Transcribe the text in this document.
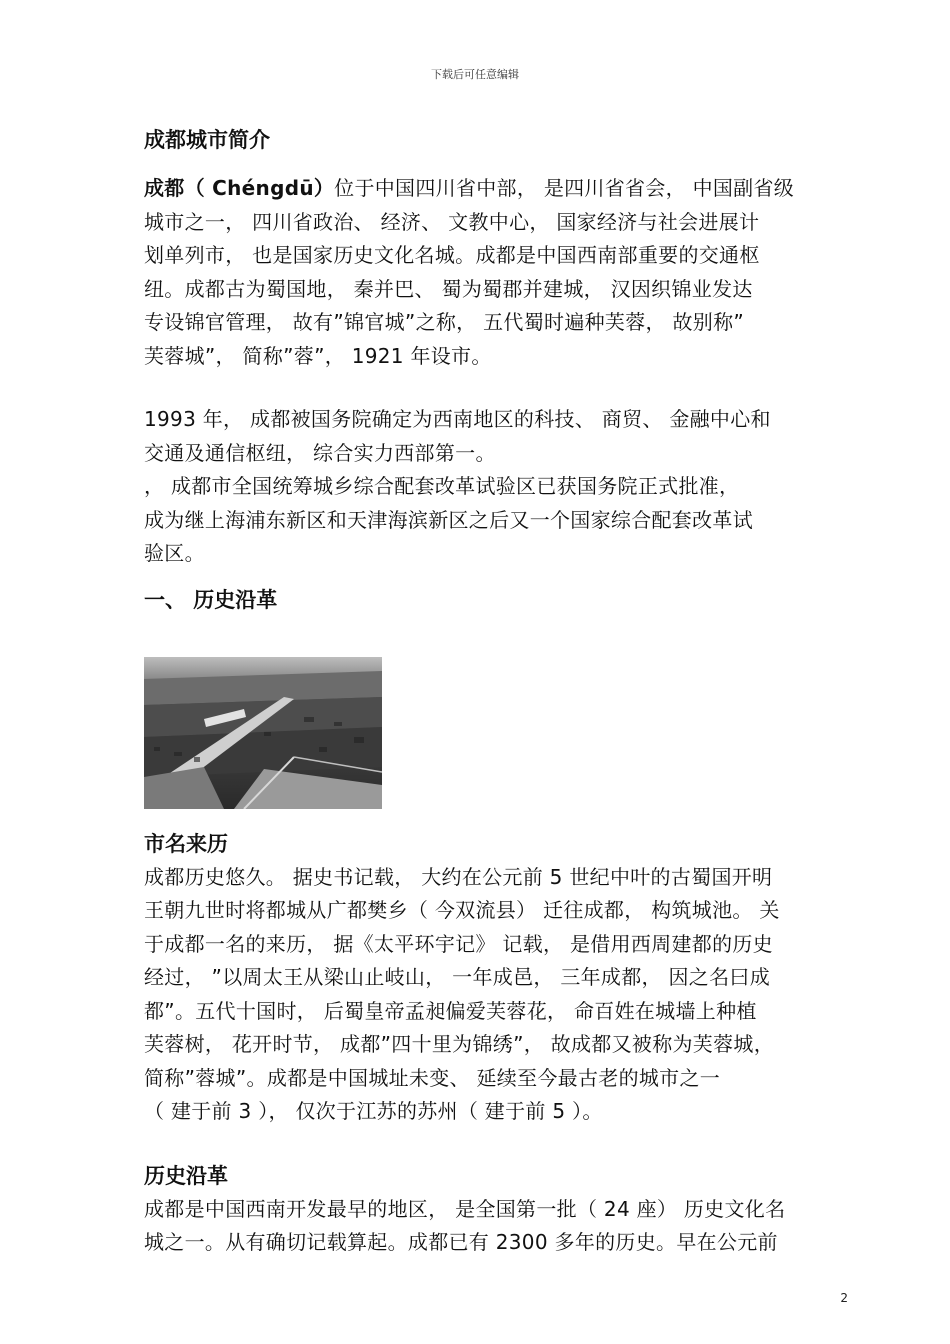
下载后可任意编辑
成都城市简介

成都（ Chéngdū）位于中国四川省中部， 是四川省省会， 中国副省级

城市之一， 四川省政治、 经济、 文教中心， 国家经济与社会进展计

划单列市， 也是国家历史文化名城。成都是中国西南部重要的交通枢

纽。成都古为蜀国地， 秦并巴、 蜀为蜀郡并建城， 汉因织锦业发达

专设锦官管理， 故有”锦官城”之称， 五代蜀时遍种芙蓉， 故别称”

芙蓉城”， 简称”蓉”， 1921 年设市。

1993 年， 成都被国务院确定为西南地区的科技、 商贸、 金融中心和

交通及通信枢纽， 综合实力西部第一。

， 成都市全国统筹城乡综合配套改革试验区已获国务院正式批准，

成为继上海浦东新区和天津海滨新区之后又一个国家综合配套改革试

验区。

一、 历史沿革
市名来历

成都历史悠久。 据史书记载， 大约在公元前 5 世纪中叶的古蜀国开明

王朝九世时将都城从广都樊乡（ 今双流县） 迁往成都， 构筑城池。 关

于成都一名的来历， 据《太平环宇记》 记载， 是借用西周建都的历史

经过， ”以周太王从梁山止岐山， 一年成邑， 三年成都， 因之名曰成

都”。五代十国时， 后蜀皇帝孟昶偏爱芙蓉花， 命百姓在城墙上种植

芙蓉树， 花开时节， 成都”四十里为锦绣”， 故成都又被称为芙蓉城，

简称”蓉城”。成都是中国城址未变、 延续至今最古老的城市之一

（ 建于前 3 ）， 仅次于江苏的苏州（ 建于前 5 ）。

历史沿革

成都是中国西南开发最早的地区， 是全国第一批（ 24 座） 历史文化名

城之一。从有确切记载算起。成都已有 2300 多年的历史。早在公元前

2
